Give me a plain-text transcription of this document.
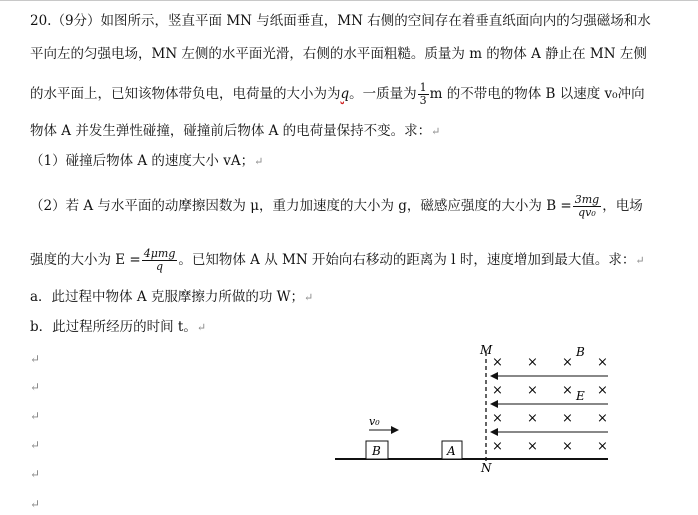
20.（9分）如图所示，竖直平面 MN 与纸面垂直，MN 右侧的空间存在着垂直纸面向内的匀强磁场和水
平向左的匀强电场，MN 左侧的水平面光滑，右侧的水平面粗糙。质量为 m 的物体 A 静止在 MN 左侧
的水平面上，已知该物体带负电，电荷量的大小为为q。一质量为 $\frac{1}{3}$ m 的不带电的物体 B 以速度 v₀冲向
物体 A 并发生弹性碰撞，碰撞前后物体 A 的电荷量保持不变。求：↵
（1）碰撞后物体 A 的速度大小 vA；↵
（2）若 A 与水平面的动摩擦因数为 μ，重力加速度的大小为 g，磁感应强度的大小为 $B = \frac{3mg}{\text{qv₀}}$ ，电场
强度的大小为 $E = \frac{\text{4μmg}}{q}$ 。已知物体 A 从 MN 开始向右移动的距离为 l 时，速度增加到最大值。求：↵
a．此过程中物体 A 克服摩擦力所做的功 W；↵
b．此过程所经历的时间 t。↵
↵
↵
↵
↵
↵
↵
M
N
B
E
× × × ×
× × × ×
× × × ×
× × × ×
v₀
B	A
